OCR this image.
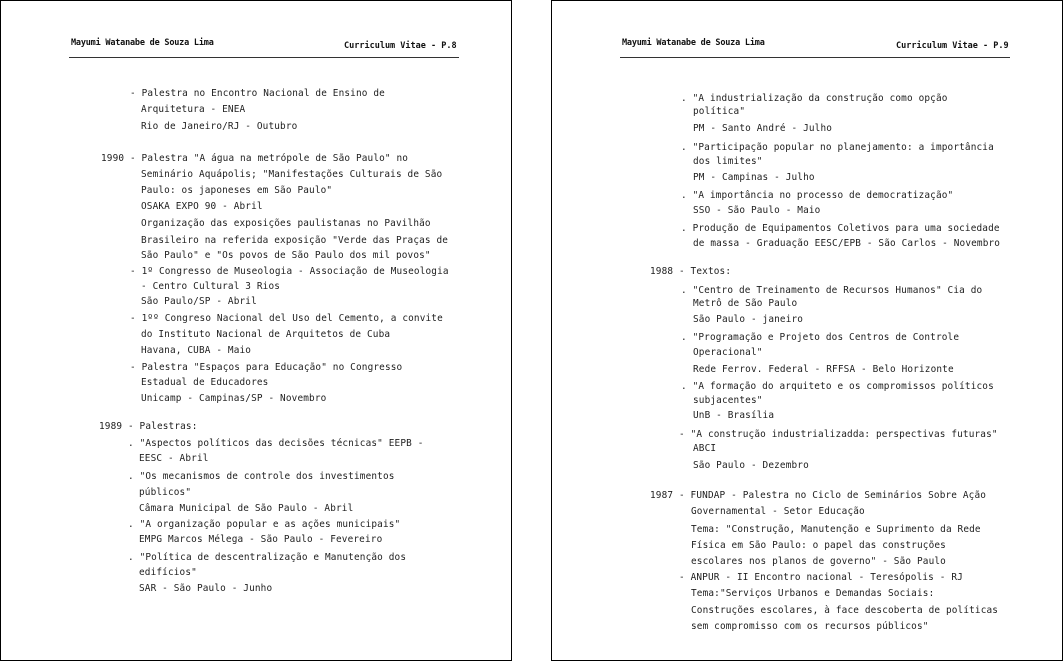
Mayumi Watanabe de Souza Lima	Curriculum Vitae - P.8
- Palestra no Encontro Nacional de Ensino de
Arquitetura - ENEA
Rio de Janeiro/RJ - Outubro
1990 - Palestra "A água na metrópole de São Paulo" no
Seminário Aquápolis; "Manifestações Culturais de São
Paulo: os japoneses em São Paulo"
OSAKA EXPO 90 - Abril
Organização das exposições paulistanas no Pavilhão
Brasileiro na referida exposição "Verde das Praças de
São Paulo" e "Os povos de São Paulo dos mil povos"
- 1º Congresso de Museologia - Associação de Museologia
- Centro Cultural 3 Rios
São Paulo/SP - Abril
- 1ºº Congreso Nacional del Uso del Cemento, a convite
do Instituto Nacional de Arquitetos de Cuba
Havana, CUBA - Maio
- Palestra "Espaços para Educação" no Congresso
Estadual de Educadores
Unicamp - Campinas/SP - Novembro
1989 - Palestras:
. "Aspectos políticos das decisões técnicas" EEPB -
EESC - Abril
. "Os mecanismos de controle dos investimentos
públicos"
Câmara Municipal de São Paulo - Abril
. "A organização popular e as ações municipais"
EMPG Marcos Mélega - São Paulo - Fevereiro
. "Política de descentralização e Manutenção dos
edifícios"
SAR - São Paulo - Junho
Mayumi Watanabe de Souza Lima	Curriculum Vitae - P.9
. "A industrialização da construção como opção
política"
PM - Santo André - Julho
. "Participação popular no planejamento: a importância
dos limites"
PM - Campinas - Julho
. "A importância no processo de democratização"
SSO - São Paulo - Maio
. Produção de Equipamentos Coletivos para uma sociedade
de massa - Graduação EESC/EPB - São Carlos - Novembro
1988 - Textos:
. "Centro de Treinamento de Recursos Humanos" Cia do
Metrô de São Paulo
São Paulo - janeiro
. "Programação e Projeto dos Centros de Controle
Operacional"
Rede Ferrov. Federal - RFFSA - Belo Horizonte
. "A formação do arquiteto e os compromissos políticos
subjacentes"
UnB - Brasília
- "A construção industrializadda: perspectivas futuras"
ABCI
São Paulo - Dezembro
1987 - FUNDAP - Palestra no Ciclo de Seminários Sobre Ação
Governamental - Setor Educação
Tema: "Construção, Manutenção e Suprimento da Rede
Física em São Paulo: o papel das construções
escolares nos planos de governo" - São Paulo
- ANPUR - II Encontro nacional - Teresópolis - RJ
Tema:"Serviços Urbanos e Demandas Sociais:
Construções escolares, à face descoberta de políticas
sem compromisso com os recursos públicos"
